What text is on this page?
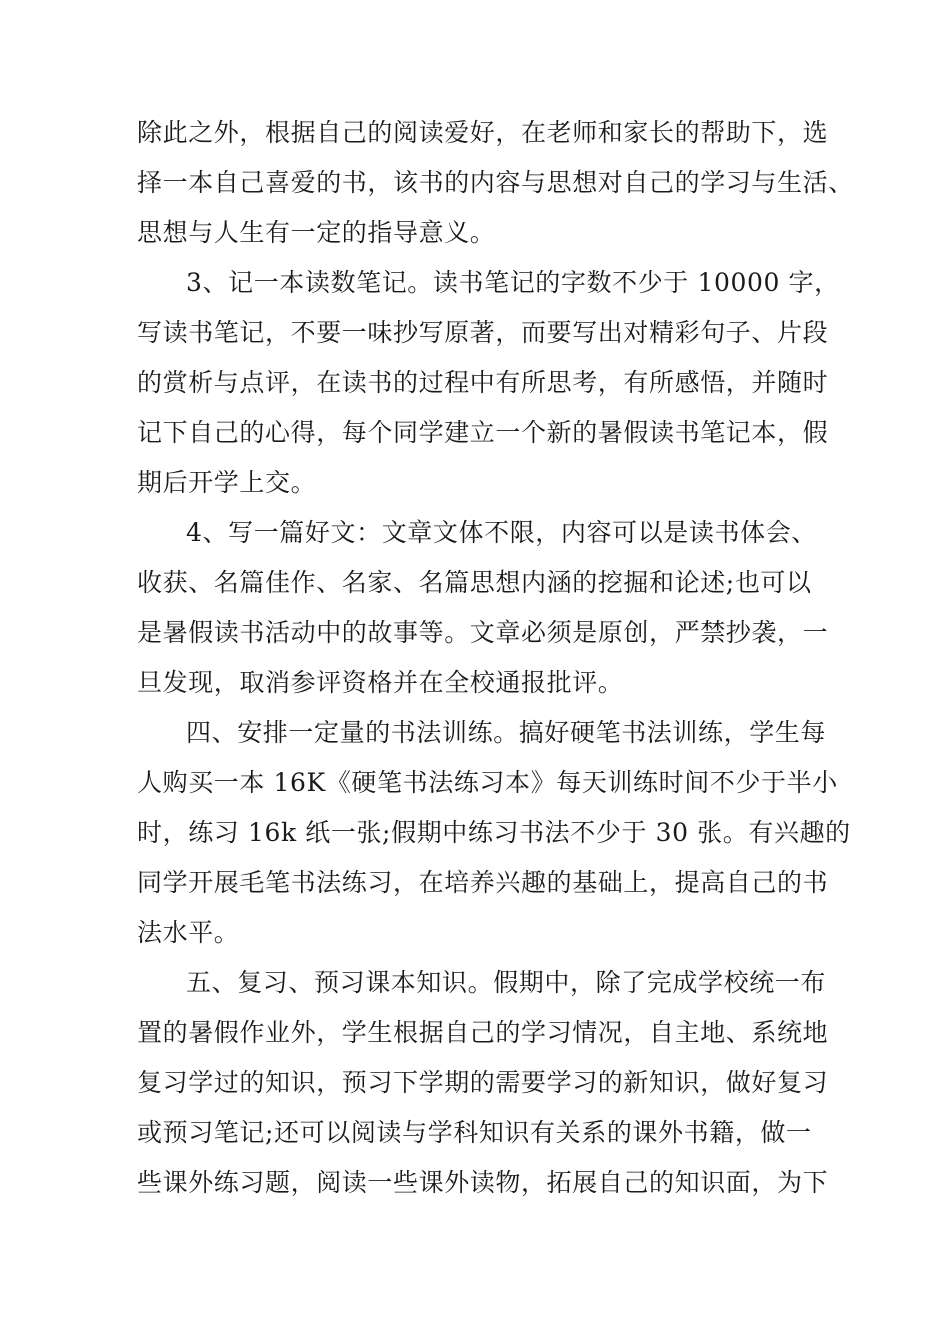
除此之外，根据自己的阅读爱好，在老师和家长的帮助下，选
择一本自己喜爱的书，该书的内容与思想对自己的学习与生活、
思想与人生有一定的指导意义。
3、记一本读数笔记。读书笔记的字数不少于 10000 字，
写读书笔记，不要一味抄写原著，而要写出对精彩句子、片段
的赏析与点评，在读书的过程中有所思考，有所感悟，并随时
记下自己的心得，每个同学建立一个新的暑假读书笔记本，假
期后开学上交。
4、写一篇好文：文章文体不限，内容可以是读书体会、
收获、名篇佳作、名家、名篇思想内涵的挖掘和论述;也可以
是暑假读书活动中的故事等。文章必须是原创，严禁抄袭，一
旦发现，取消参评资格并在全校通报批评。
四、安排一定量的书法训练。搞好硬笔书法训练，学生每
人购买一本 16K《硬笔书法练习本》每天训练时间不少于半小
时，练习 16k 纸一张;假期中练习书法不少于 30 张。有兴趣的
同学开展毛笔书法练习，在培养兴趣的基础上，提高自己的书
法水平。
五、复习、预习课本知识。假期中，除了完成学校统一布
置的暑假作业外，学生根据自己的学习情况，自主地、系统地
复习学过的知识，预习下学期的需要学习的新知识，做好复习
或预习笔记;还可以阅读与学科知识有关系的课外书籍，做一
些课外练习题，阅读一些课外读物，拓展自己的知识面，为下
